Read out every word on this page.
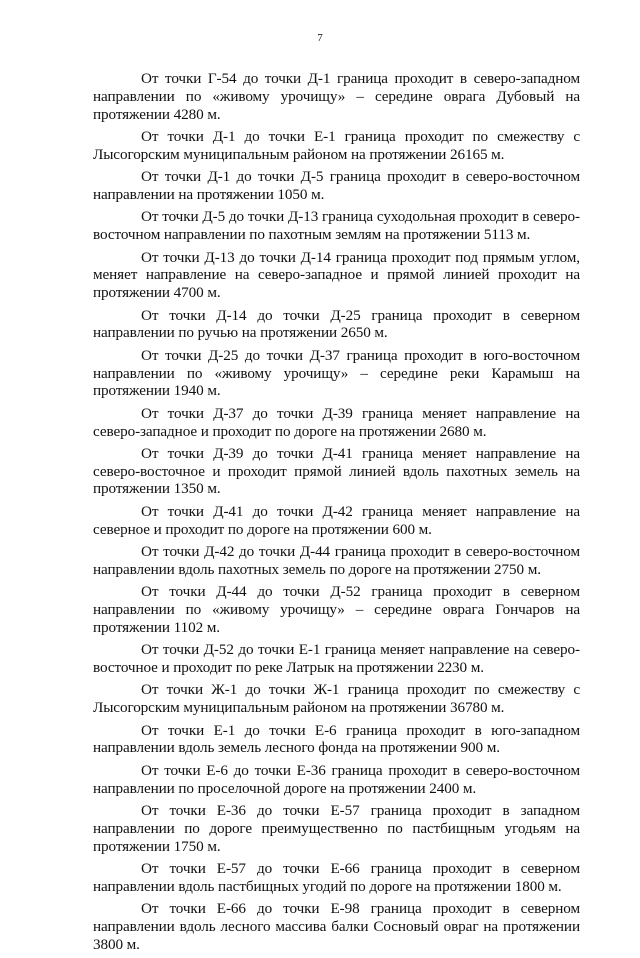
7

От точки Г-54 до точки Д-1 граница проходит в северо-западном направлении по «живому урочищу» – середине оврага Дубовый на протяжении 4280 м.

От точки Д-1 до точки Е-1 граница проходит по смежеству с Лысогорским муниципальным районом на протяжении 26165 м.

От точки Д-1 до точки Д-5 граница проходит в северо-восточном направлении на протяжении 1050 м.

От точки Д-5 до точки Д-13 граница суходольная проходит в северо-восточном направлении по пахотным землям на протяжении 5113 м.

От точки Д-13 до точки Д-14 граница проходит под прямым углом, меняет направление на северо-западное и прямой линией проходит на протяжении 4700 м.

От точки Д-14 до точки Д-25 граница проходит в северном направлении по ручью на протяжении 2650 м.

От точки Д-25 до точки Д-37 граница проходит в юго-восточном направлении по «живому урочищу» – середине реки Карамыш на протяжении 1940 м.

От точки Д-37 до точки Д-39 граница меняет направление на северо-западное и проходит по дороге на протяжении 2680 м.

От точки Д-39 до точки Д-41 граница меняет направление на северо-восточное и проходит прямой линией вдоль пахотных земель на протяжении 1350 м.

От точки Д-41 до точки Д-42 граница меняет направление на северное и проходит по дороге на протяжении 600 м.

От точки Д-42 до точки Д-44 граница проходит в северо-восточном направлении вдоль пахотных земель по дороге на протяжении 2750 м.

От точки Д-44 до точки Д-52 граница проходит в северном направлении по «живому урочищу» – середине оврага Гончаров на протяжении 1102 м.

От точки Д-52 до точки Е-1 граница меняет направление на северо-восточное и проходит по реке Латрык на протяжении 2230 м.

От точки Ж-1 до точки Ж-1 граница проходит по смежеству с Лысогорским муниципальным районом на протяжении 36780 м.

От точки Е-1 до точки Е-6 граница проходит в юго-западном направлении вдоль земель лесного фонда на протяжении 900 м.

От точки Е-6 до точки Е-36 граница проходит в северо-восточном направлении по проселочной дороге на протяжении 2400 м.

От точки Е-36 до точки Е-57 граница проходит в западном направлении по дороге преимущественно по пастбищным угодьям на протяжении 1750 м.

От точки Е-57 до точки Е-66 граница проходит в северном направлении вдоль пастбищных угодий по дороге на протяжении 1800 м.

От точки Е-66 до точки Е-98 граница проходит в северном направлении вдоль лесного массива балки Сосновый овраг на протяжении 3800 м.
